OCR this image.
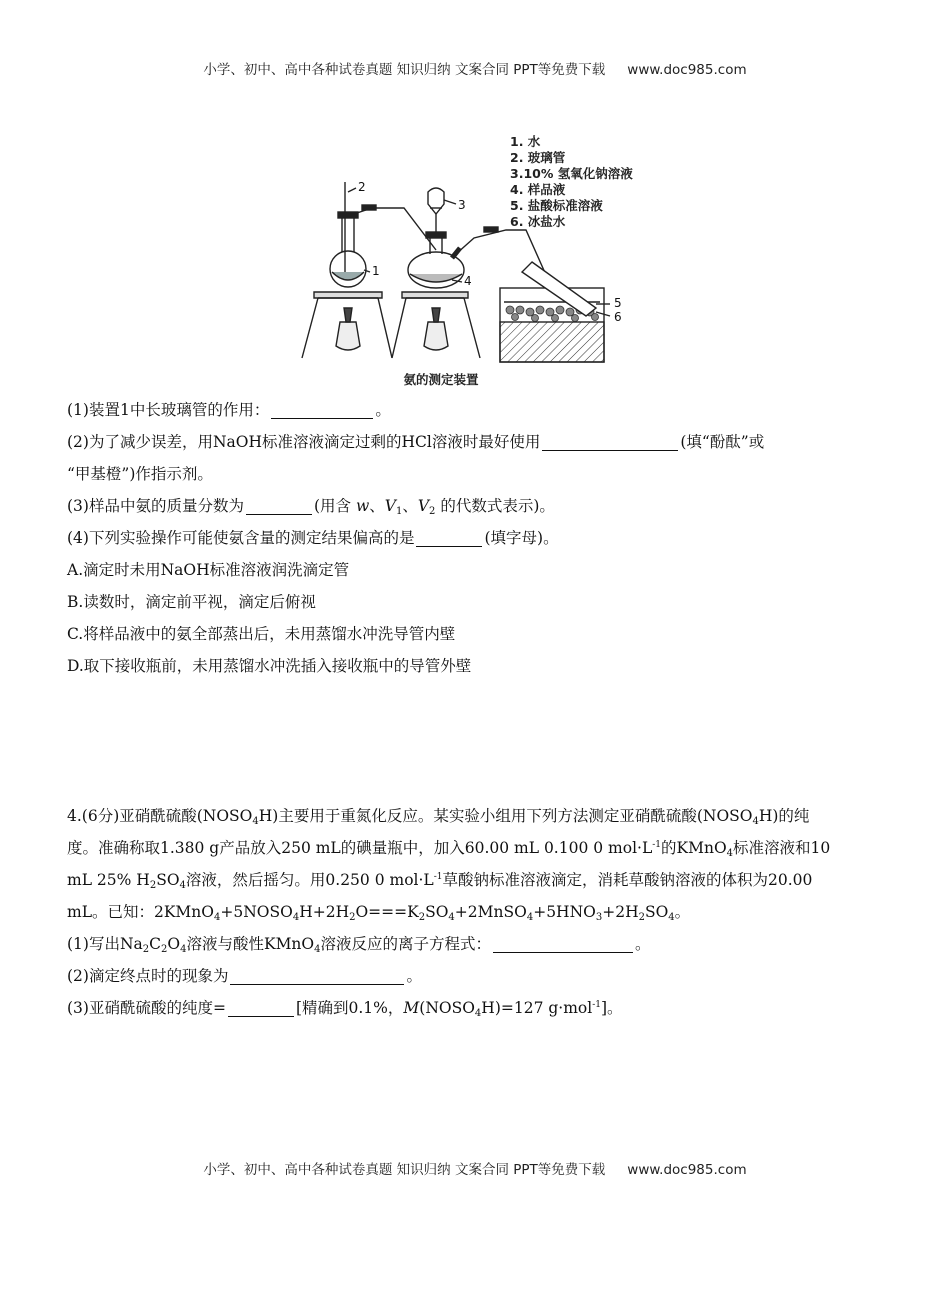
小学、初中、高中各种试卷真题 知识归纳 文案合同 PPT等免费下载 www.doc985.com
2
1
3
4
5
6
1. 水
2. 玻璃管
3.10% 氢氧化钠溶液
4. 样品液
5. 盐酸标准溶液
6. 冰盐水
氨的测定装置
(1)装置1中长玻璃管的作用：	。
(2)为了减少误差，用NaOH标准溶液滴定过剩的HCl溶液时最好使用	(填“酚酞”或
“甲基橙”)作指示剂。
(3)样品中氨的质量分数为	(用含 w、$V_1$、$V_2$ 的代数式表示)。
(4)下列实验操作可能使氨含量的测定结果偏高的是	(填字母)。
A.滴定时未用NaOH标准溶液润洗滴定管
B.读数时，滴定前平视，滴定后俯视
C.将样品液中的氨全部蒸出后，未用蒸馏水冲洗导管内壁
D.取下接收瓶前，未用蒸馏水冲洗插入接收瓶中的导管外壁
4.(6分)亚硝酰硫酸$(NOSO_4H)$主要用于重氮化反应。某实验小组用下列方法测定亚硝酰硫酸$(NOSO_4H)$的纯
度。准确称取1.380 g产品放入250 mL的碘量瓶中，加入60.00 mL 0.100 0 $mol\cdot L^{-1}$的KMnO$_4$标准溶液和10
mL 25% $H_2SO_4$溶液，然后摇匀。用0.250 0 $mol\cdot L^{-1}$草酸钠标准溶液滴定，消耗草酸钠溶液的体积为20.00
mL。已知：$2KMnO_4+5NOSO_4H+2H_2O===K_2SO_4+2MnSO_4+5HNO_3+2H_2SO_4$。
(1)写出$Na_2C_2O_4$溶液与酸性KMnO$_4$溶液反应的离子方程式：	。
(2)滴定终点时的现象为	。
(3)亚硝酰硫酸的纯度=	[精确到0.1%，$M(NOSO_4H)=127$ g·mol$^{-1}$]。
小学、初中、高中各种试卷真题 知识归纳 文案合同 PPT等免费下载 www.doc985.com
